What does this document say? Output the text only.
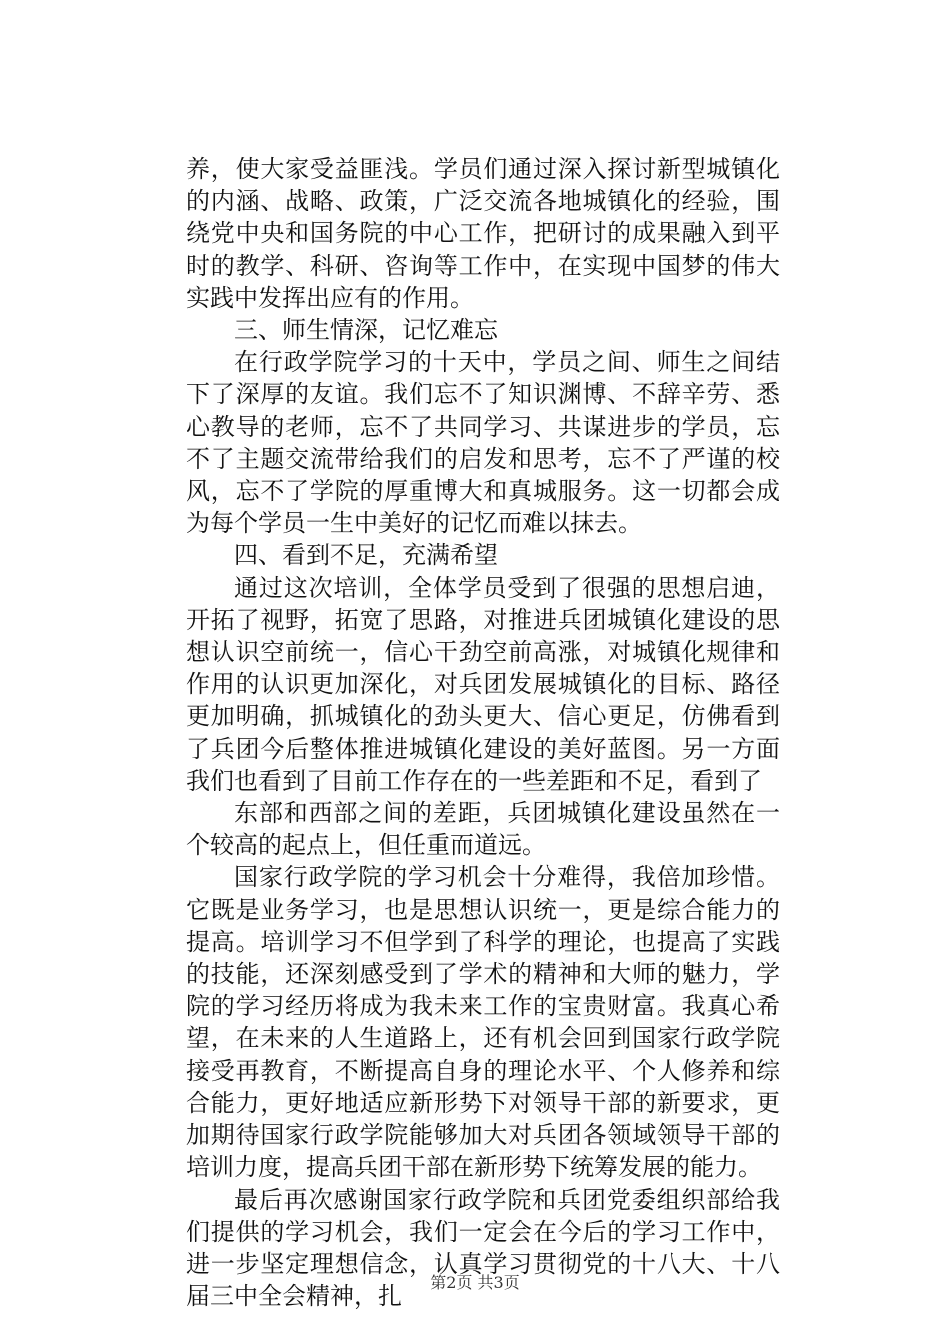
养，使大家受益匪浅。学员们通过深入探讨新型城镇化的内涵、战略、政策，广泛交流各地城镇化的经验，围绕党中央和国务院的中心工作，把研讨的成果融入到平时的教学、科研、咨询等工作中，在实现中国梦的伟大实践中发挥出应有的作用。

三、师生情深，记忆难忘

在行政学院学习的十天中，学员之间、师生之间结下了深厚的友谊。我们忘不了知识渊博、不辞辛劳、悉心教导的老师，忘不了共同学习、共谋进步的学员，忘不了主题交流带给我们的启发和思考，忘不了严谨的校风，忘不了学院的厚重博大和真城服务。这一切都会成为每个学员一生中美好的记忆而难以抹去。

四、看到不足，充满希望

通过这次培训，全体学员受到了很强的思想启迪，开拓了视野，拓宽了思路，对推进兵团城镇化建设的思想认识空前统一，信心干劲空前高涨，对城镇化规律和作用的认识更加深化，对兵团发展城镇化的目标、路径更加明确，抓城镇化的劲头更大、信心更足，仿佛看到了兵团今后整体推进城镇化建设的美好蓝图。另一方面我们也看到了目前工作存在的一些差距和不足，看到了

东部和西部之间的差距，兵团城镇化建设虽然在一个较高的起点上，但任重而道远。

国家行政学院的学习机会十分难得，我倍加珍惜。它既是业务学习，也是思想认识统一，更是综合能力的提高。培训学习不但学到了科学的理论，也提高了实践的技能，还深刻感受到了学术的精神和大师的魅力，学院的学习经历将成为我未来工作的宝贵财富。我真心希望，在未来的人生道路上，还有机会回到国家行政学院接受再教育，不断提高自身的理论水平、个人修养和综合能力，更好地适应新形势下对领导干部的新要求，更加期待国家行政学院能够加大对兵团各领域领导干部的培训力度，提高兵团干部在新形势下统筹发展的能力。

最后再次感谢国家行政学院和兵团党委组织部给我们提供的学习机会，我们一定会在今后的学习工作中，进一步坚定理想信念，认真学习贯彻党的十八大、十八届三中全会精神，扎	第2页 共3页
